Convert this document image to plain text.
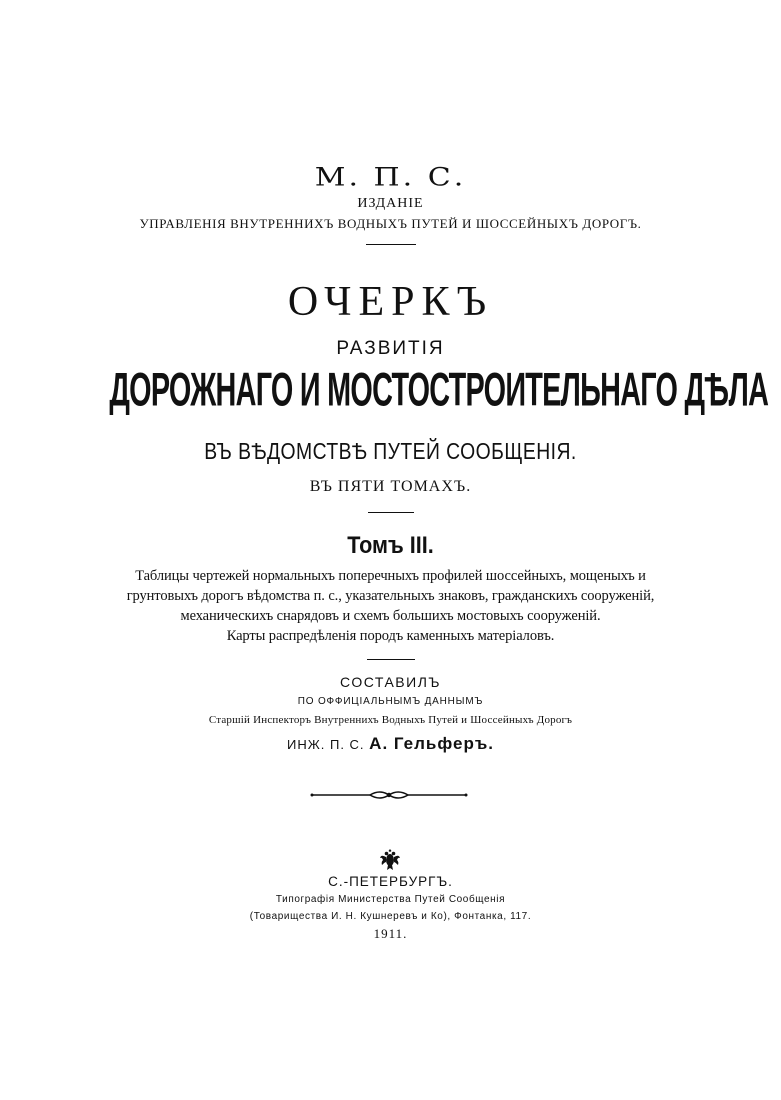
М. П. С.
ИЗДАНІЕ
УПРАВЛЕНІЯ ВНУТРЕННИХЪ ВОДНЫХЪ ПУТЕЙ И ШОССЕЙНЫХЪ ДОРОГЪ.
ОЧЕРКЪ
РАЗВИТІЯ
ДОРОЖНАГО И МОСТОСТРОИТЕЛЬНАГО ДѢЛА
ВЪ ВѢДОМСТВѢ ПУТЕЙ СООБЩЕНІЯ.
ВЪ ПЯТИ ТОМАХЪ.
Томъ III.
Таблицы чертежей нормальныхъ поперечныхъ профилей шоссейныхъ, мощеныхъ и
грунтовыхъ дорогъ вѣдомства п. с., указательныхъ знаковъ, гражданскихъ сооруженій,
механическихъ снарядовъ и схемъ большихъ мостовыхъ сооруженій.
Карты распредѣленія породъ каменныхъ матеріаловъ.
СОСТАВИЛЪ
ПО ОФФИЦІАЛЬНЫМЪ ДАННЫМЪ
Старшій Инспекторъ Внутреннихъ Водныхъ Путей и Шоссейныхъ Дорогъ
ИНЖ. П. С. А. Гельферъ.
С.-ПЕТЕРБУРГЪ.
Типографія Министерства Путей Сообщенія
(Товарищества И. Н. Кушнеревъ и Ко), Фонтанка, 117.
1911.
